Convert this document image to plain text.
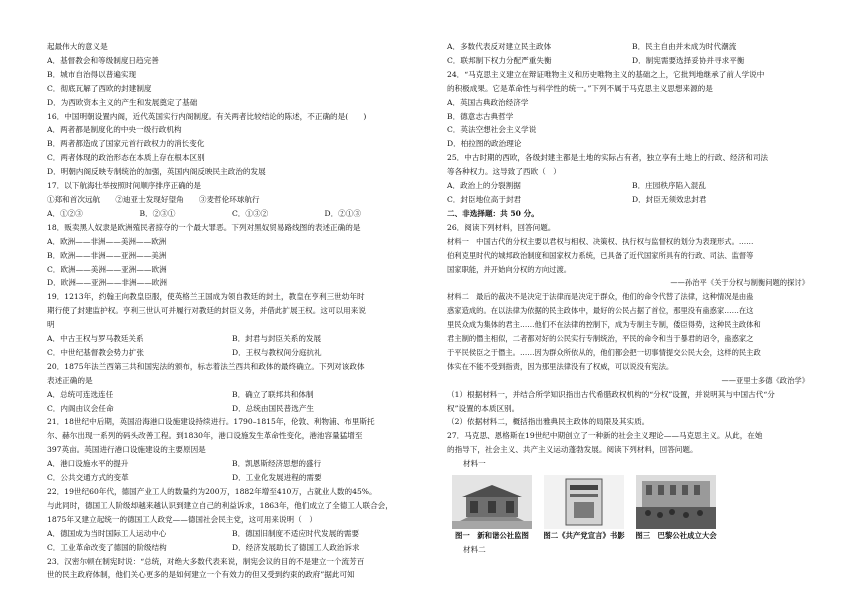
起最伟大的意义是
A．基督教会和等级制度日趋完善
B．城市自治得以普遍实现
C．彻底瓦解了西欧的封建制度
D．为西欧资本主义的产生和发展奠定了基础
16．中国明朝设置内阁，近代英国实行内阁制度。有关两者比较结论的陈述，不正确的是(　　)
A．两者都是制度化的中央一级行政机构
B．两者都造成了国家元首行政权力的消长变化
C．两者体现的政治形态在本质上存在根本区别
D．明朝内阁反映专制统治的加强，英国内阁反映民主政治的发展
17．以下航海壮举按照时间顺序排序正确的是
①郑和首次远航　　②迪亚士发现好望角　　③麦哲伦环球航行
A．①②③	B．②③①	C．①③②	D．②①③
18．贩卖黑人奴隶是欧洲殖民者掠夺的一个最大罪恶。下列对黑奴贸易路线图的表述正确的是
A．欧洲——非洲——美洲——欧洲
B．欧洲——非洲——亚洲——美洲
C．欧洲——美洲——亚洲——欧洲
D．欧洲——亚洲——非洲——欧洲
19．1213年，约翰王向教皇臣服，使英格兰王国成为领自教廷的封土，教皇在亨利三世幼年时
期行使了封建监护权。亨利三世认可并履行对教廷的封臣义务，并借此扩展王权。这可以用来说
明
A．中古王权与罗马教廷关系	B．封君与封臣关系的发展
C．中世纪基督教会势力扩张	D．王权与教权间分庭抗礼
20．1875年法兰西第三共和国宪法的颁布，标志着法兰西共和政体的最终确立。下列对该政体
表述正确的是
A．总统可连选连任	B．确立了联邦共和体制
C．内阁由议会任命	D．总统由国民普选产生
21．18世纪中后期，英国沿海港口设施建设持续进行。1790–1815年，伦敦、利物浦、布里斯托
尔、赫尔出现一系列的码头改善工程。到1830年，港口设施发生革命性变化，港池容量猛增至
397英亩。英国进行港口设施建设的主要原因是
A．港口设施水平的提升	B．凯恩斯经济思想的盛行
C．公共交通方式的变革	D．工业化发展进程的需要
22．19世纪60年代，德国产业工人的数量约为200万，1882年增至410万，占就业人数的45%。
与此同时，德国工人阶级却越来越认识到建立自己的利益诉求，1863年，他们成立了全德工人联合会，
1875年又建立起统一的德国工人政党——德国社会民主党，这可用来说明（　）
A．德国成为当时国际工人运动中心	B．德国旧制度不适应时代发展的需要
C．工业革命改变了德国的阶级结构	D．经济发展助长了德国工人政治诉求
23．汉密尔顿在制宪时说：“总统，对绝大多数代表来说，制宪会议的目的不是建立一个流芳百
世的民主政府体制，他们关心更多的是如何建立一个有效力的但又受到约束的政府”据此可知
A．多数代表反对建立民主政体	B．民主自由并未成为时代潮流
C．联邦制下权力分配严重失衡	D．制宪需要选择妥协并寻求平衡
24．“马克思主义建立在辩证唯物主义和历史唯物主义的基础之上，它批判地继承了前人学说中
的积极成果。它是革命性与科学性的统一。”下列不属于马克思主义思想来源的是
A．英国古典政治经济学
B．德意志古典哲学
C．英法空想社会主义学说
D．柏拉图的政治理论
25．中古时期的西欧，各级封建主都是土地的实际占有者，独立享有土地上的行政、经济和司法
等各种权力。这导致了西欧（　）
A．政治上的分裂割据	B．庄园秩序陷入混乱
C．封臣地位高于封君	D．封臣无须效忠封君
二、非选择题：共 50 分。
26．阅读下列材料，回答问题。
材料一　中国古代的分权主要以君权与相权、决策权、执行权与监督权的划分为表现形式。……
伯利克里时代的城邦政治制度和国家权力系统，已具备了近代国家所具有的行政、司法、监督等
国家职能，并开始向分权的方向过渡。
——孙治平《关于分权与制衡问题的探讨》
材料二　最后的裁决不是决定于法律而是决定于群众，他们的命令代替了法律，这种情况是由蛊
惑家造成的。在以法律为依据的民主政体中，最好的公民占据了首位，那里没有蛊惑家……在这
里民众成为集体的君主……他们不在法律的控制下，成为专制主专制，倭臣得势，这种民主政体和
君主制的僭主相似，二者都对好的公民实行专制统治，平民的命令和当于暴君的诏令，蛊惑家之
于平民侯臣之于僭主。……因为群众所依从的，他们都会把一切事情提交公民大会，这样的民主政
体实在不能不受到指责，因为那里法律没有了权威，可以说没有宪法。
——亚里士多德《政治学》
（1）根据材料一，并结合所学知识指出古代希腊政权机构的“分权”设置，并说明其与中国古代“分
权”设置的本质区别。
（2）依据材料二，概括指出雅典民主政体的局限及其实质。
27．马克思、恩格斯在19世纪中期创立了一种新的社会主义理论——马克思主义。从此，在她
的指导下，社会主义、共产主义运动蓬勃发展。阅读下列材料，回答问题。
材料一
图一　新和谐公社监图	图二《共产党宣言》书影	图三　巴黎公社成立大会
材料二
